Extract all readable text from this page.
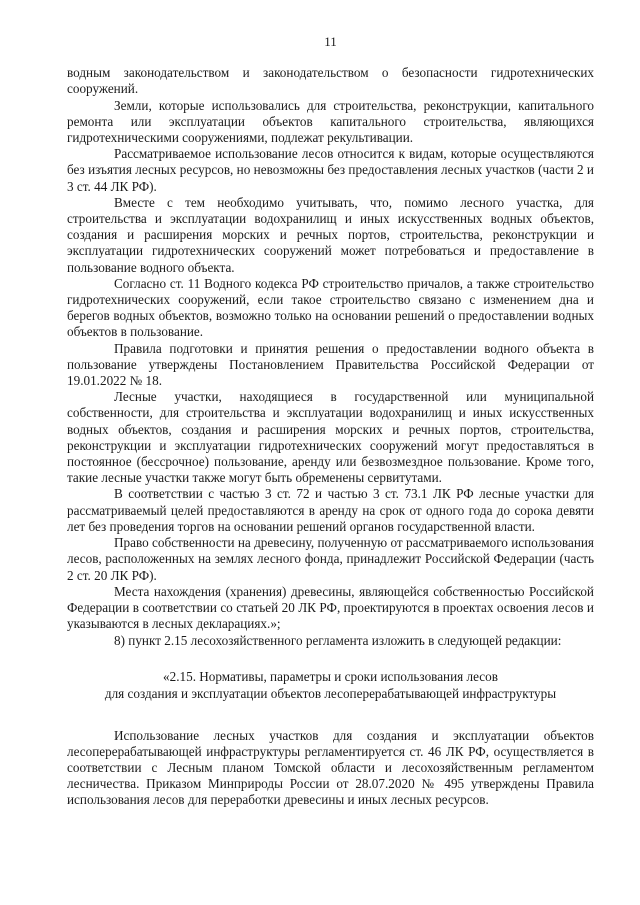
11

водным законодательством и законодательством о безопасности гидротехнических сооружений.

Земли, которые использовались для строительства, реконструкции, капитального ремонта или эксплуатации объектов капитального строительства, являющихся гидротехническими сооружениями, подлежат рекультивации.

Рассматриваемое использование лесов относится к видам, которые осуществляются без изъятия лесных ресурсов, но невозможны без предоставления лесных участков (части 2 и 3 ст. 44 ЛК РФ).

Вместе с тем необходимо учитывать, что, помимо лесного участка, для строительства и эксплуатации водохранилищ и иных искусственных водных объектов, создания и расширения морских и речных портов, строительства, реконструкции и эксплуатации гидротехнических сооружений может потребоваться и предоставление в пользование водного объекта.

Согласно ст. 11 Водного кодекса РФ строительство причалов, а также строительство гидротехнических сооружений, если такое строительство связано с изменением дна и берегов водных объектов, возможно только на основании решений о предоставлении водных объектов в пользование.

Правила подготовки и принятия решения о предоставлении водного объекта в пользование утверждены Постановлением Правительства Российской Федерации от 19.01.2022 № 18.

Лесные участки, находящиеся в государственной или муниципальной собственности, для строительства и эксплуатации водохранилищ и иных искусственных водных объектов, создания и расширения морских и речных портов, строительства, реконструкции и эксплуатации гидротехнических сооружений могут предоставляться в постоянное (бессрочное) пользование, аренду или безвозмездное пользование. Кроме того, такие лесные участки также могут быть обременены сервитутами.

В соответствии с частью 3 ст. 72 и частью 3 ст. 73.1 ЛК РФ лесные участки для рассматриваемый целей предоставляются в аренду на срок от одного года до сорока девяти лет без проведения торгов на основании решений органов государственной власти.

Право собственности на древесину, полученную от рассматриваемого использования лесов, расположенных на землях лесного фонда, принадлежит Российской Федерации (часть 2 ст. 20 ЛК РФ).

Места нахождения (хранения) древесины, являющейся собственностью Российской Федерации в соответствии со статьей 20 ЛК РФ, проектируются в проектах освоения лесов и указываются в лесных декларациях.»;

8) пункт 2.15 лесохозяйственного регламента изложить в следующей редакции:

«2.15. Нормативы, параметры и сроки использования лесов
для создания и эксплуатации объектов лесоперерабатывающей инфраструктуры

Использование лесных участков для создания и эксплуатации объектов лесоперерабатывающей инфраструктуры регламентируется ст. 46 ЛК РФ, осуществляется в соответствии с Лесным планом Томской области и лесохозяйственным регламентом лесничества. Приказом Минприроды России от 28.07.2020 № 495 утверждены Правила использования лесов для переработки древесины и иных лесных ресурсов.
